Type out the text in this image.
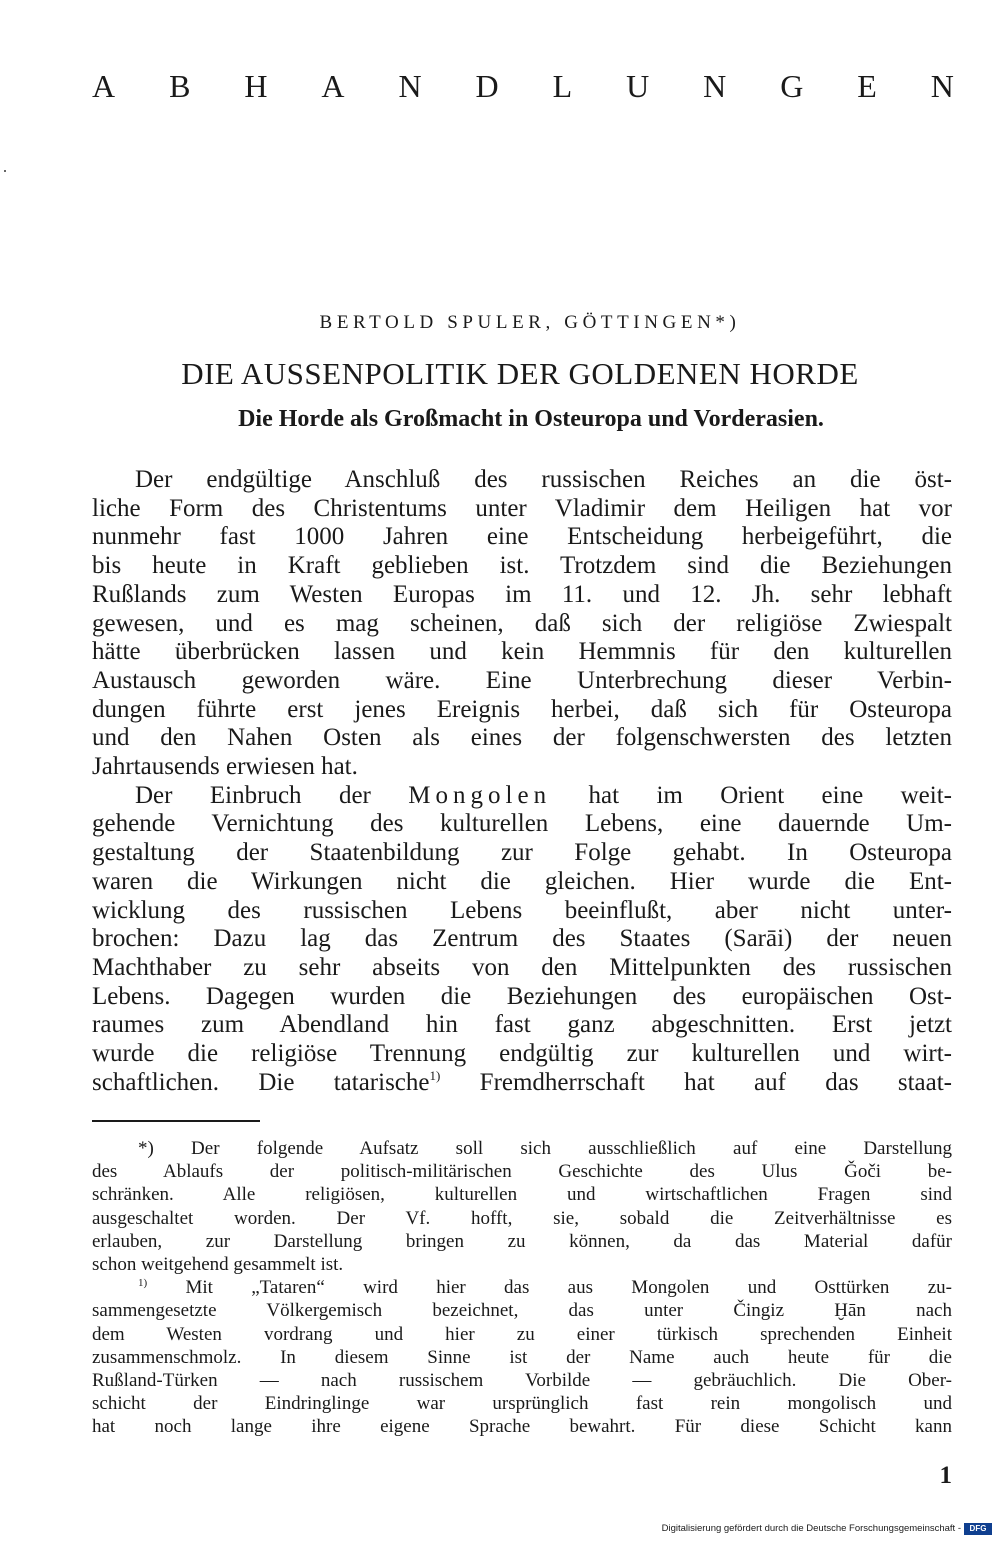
A B H A N D L U N G E N
BERTOLD SPULER, GÖTTINGEN*)
DIE AUSSENPOLITIK DER GOLDENEN HORDE
Die Horde als Großmacht in Osteuropa und Vorderasien.

Der endgültige Anschluß des russischen Reiches an die öst-

liche Form des Christentums unter Vladimir dem Heiligen hat vor

nunmehr fast 1000 Jahren eine Entscheidung herbeigeführt, die

bis heute in Kraft geblieben ist. Trotzdem sind die Beziehungen

Rußlands zum Westen Europas im 11. und 12. Jh. sehr lebhaft

gewesen, und es mag scheinen, daß sich der religiöse Zwiespalt

hätte überbrücken lassen und kein Hemmnis für den kulturellen

Austausch geworden wäre. Eine Unterbrechung dieser Verbin-

dungen führte erst jenes Ereignis herbei, daß sich für Osteuropa

und den Nahen Osten als eines der folgenschwersten des letzten

Jahrtausends erwiesen hat.

Der Einbruch der Mongolen hat im Orient eine weit-

gehende Vernichtung des kulturellen Lebens, eine dauernde Um-

gestaltung der Staatenbildung zur Folge gehabt. In Osteuropa

waren die Wirkungen nicht die gleichen. Hier wurde die Ent-

wicklung des russischen Lebens beeinflußt, aber nicht unter-

brochen: Dazu lag das Zentrum des Staates (Sarāi) der neuen

Machthaber zu sehr abseits von den Mittelpunkten des russischen

Lebens. Dagegen wurden die Beziehungen des europäischen Ost-

raumes zum Abendland hin fast ganz abgeschnitten. Erst jetzt

wurde die religiöse Trennung endgültig zur kulturellen und wirt-

schaftlichen. Die tatarische$^{1)}$ Fremdherrschaft hat auf das staat-

*) Der folgende Aufsatz soll sich ausschließlich auf eine Darstellung

des Ablaufs der politisch-militärischen Geschichte des Ulus Ǧoči be-

schränken. Alle religiösen, kulturellen und wirtschaftlichen Fragen sind

ausgeschaltet worden. Der Vf. hofft, sie, sobald die Zeitverhältnisse es

erlauben, zur Darstellung bringen zu können, da das Material dafür

schon weitgehend gesammelt ist.

$^{1)}$ Mit „Tataren“ wird hier das aus Mongolen und Osttürken zu-

sammengesetzte Völkergemisch bezeichnet, das unter Čingiz Ḫān nach

dem Westen vordrang und hier zu einer türkisch sprechenden Einheit

zusammenschmolz. In diesem Sinne ist der Name auch heute für die

Rußland-Türken — nach russischem Vorbilde — gebräuchlich. Die Ober-

schicht der Eindringlinge war ursprünglich fast rein mongolisch und

hat noch lange ihre eigene Sprache bewahrt. Für diese Schicht kann

1
Digitalisierung gefördert durch die Deutsche Forschungsgemeinschaft -	DFG
